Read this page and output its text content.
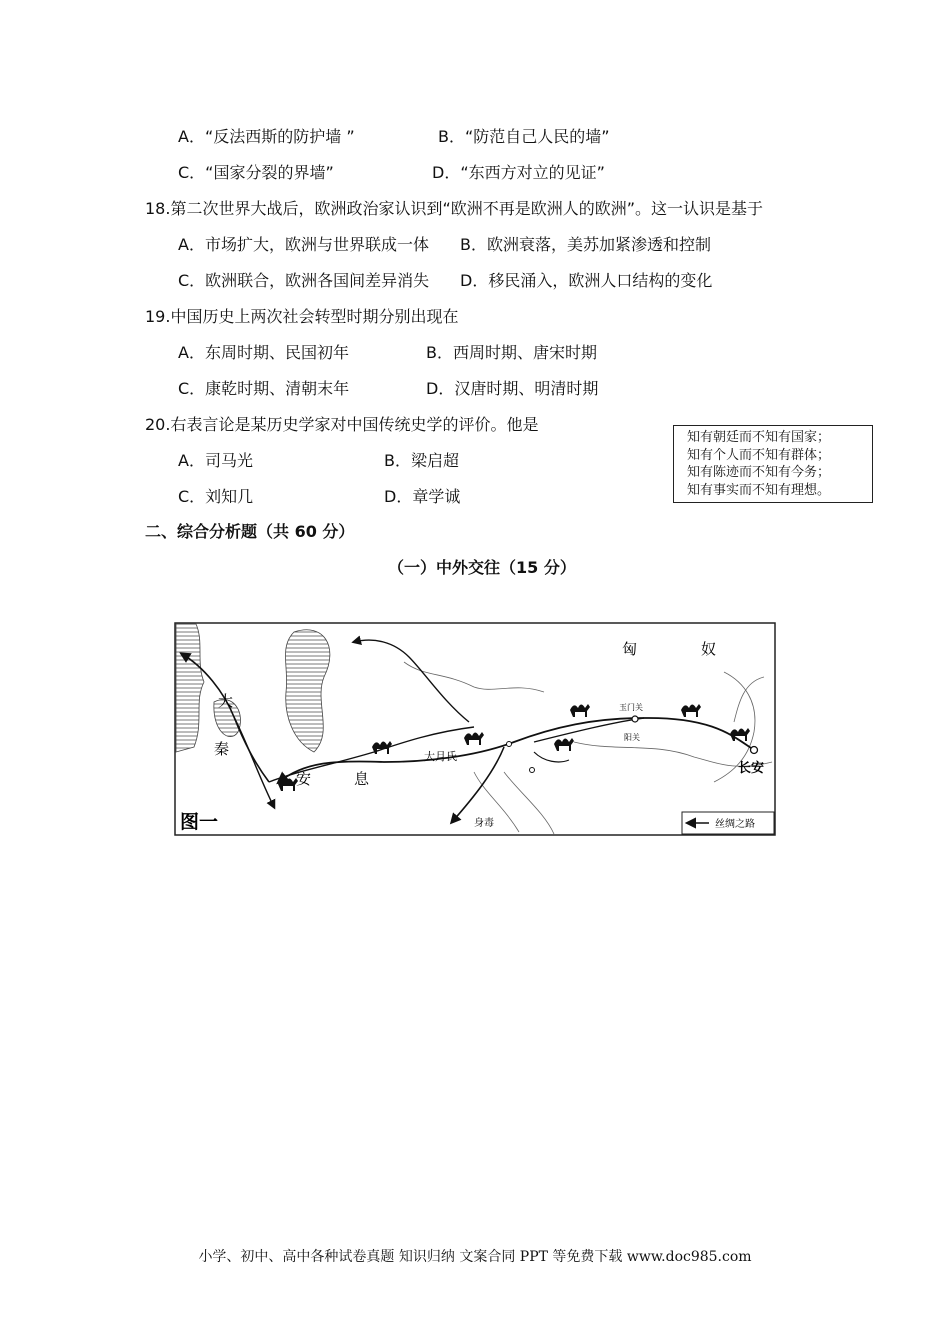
A．“反法西斯的防护墙 ”	B．“防范自己人民的墙”
C．“国家分裂的界墙”	D．“东西方对立的见证”
18.第二次世界大战后，欧洲政治家认识到“欧洲不再是欧洲人的欧洲”。这一认识是基于
A．市场扩大，欧洲与世界联成一体 B．欧洲衰落，美苏加紧渗透和控制
C．欧洲联合，欧洲各国间差异消失 D．移民涌入，欧洲人口结构的变化
19.中国历史上两次社会转型时期分别出现在
A．东周时期、民国初年	B．西周时期、唐宋时期
C．康乾时期、清朝末年	D．汉唐时期、明清时期
20.右表言论是某历史学家对中国传统史学的评价。他是
A．司马光	B．梁启超
C．刘知几	D．章学诚
知有朝廷而不知有国家；
知有个人而不知有群体；
知有陈迹而不知有今务；
知有事实而不知有理想。
二、综合分析题（共 60 分）
（一）中外交往（15 分）
匈	奴
大
秦
安	息
大月氏
玉门关
阳关
长安
身毒
图一	丝绸之路
小学、初中、高中各种试卷真题 知识归纳 文案合同 PPT 等免费下载 www.doc985.com
